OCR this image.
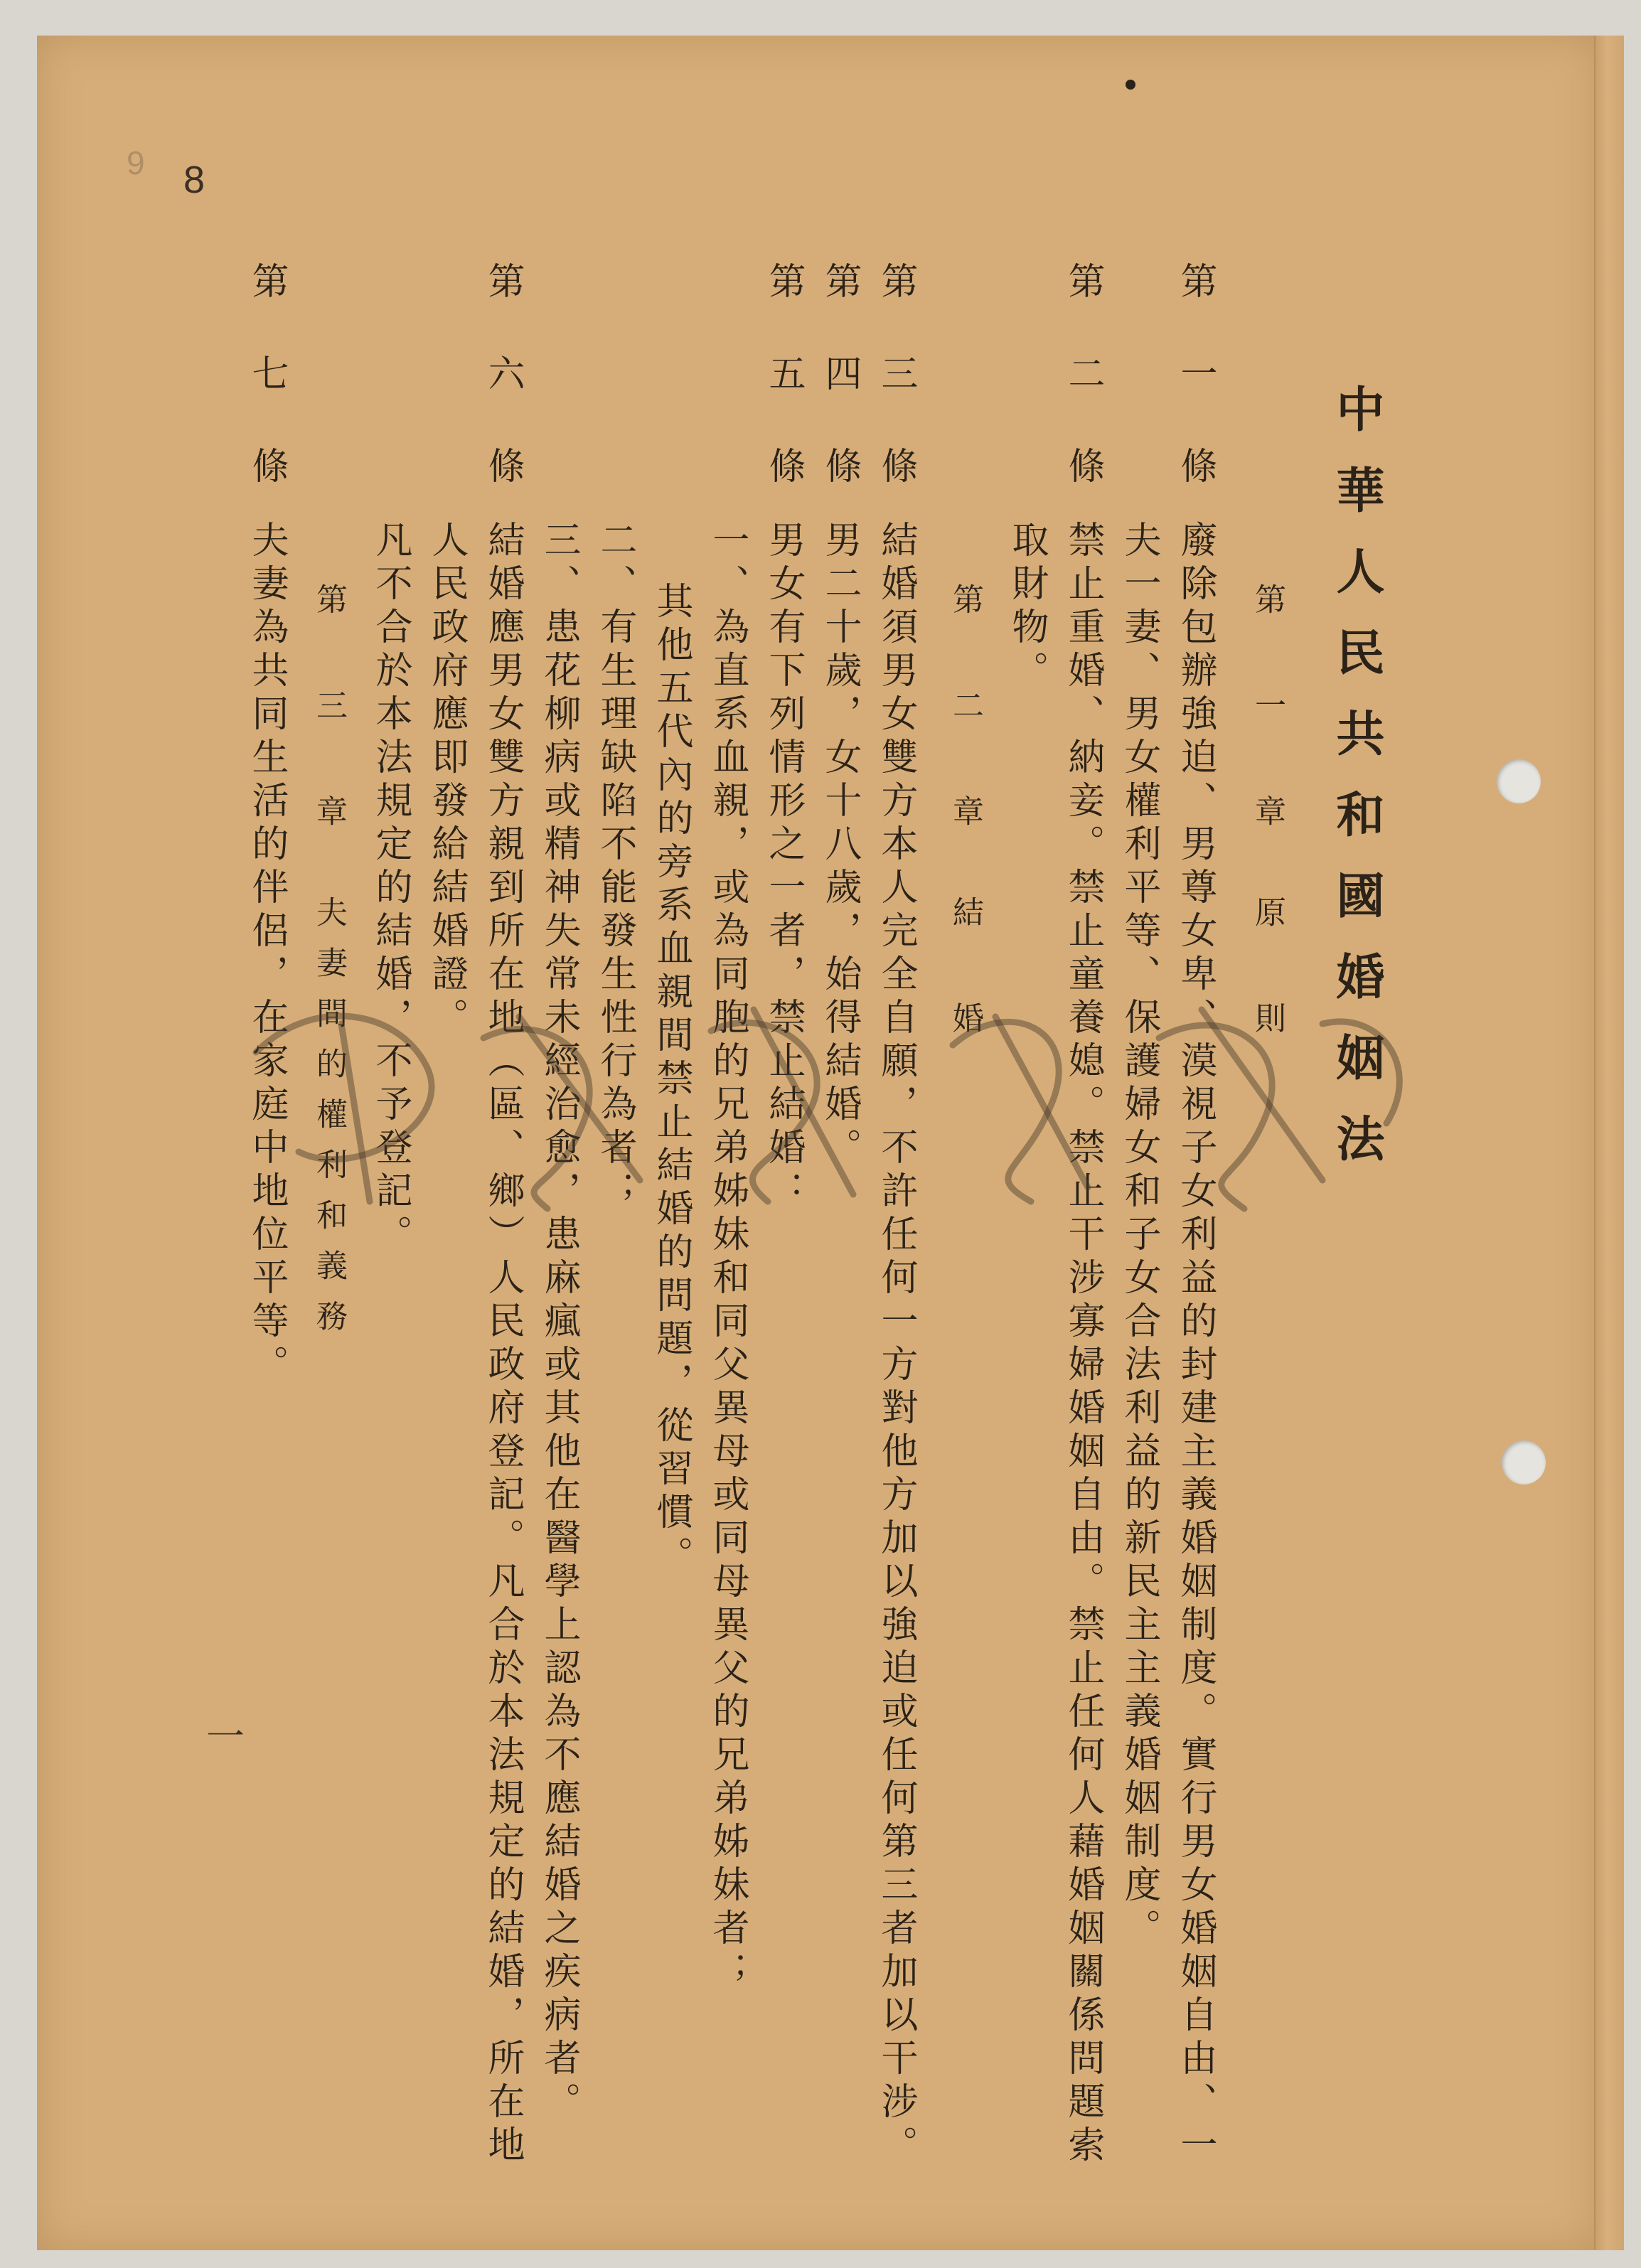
9 8
一
中華人民共和國婚姻法
第 一 章　原 則
第 一 條
廢除包辦強迫、男尊女卑、漠視子女利益的封建主義婚姻制度。實行男女婚姻自由、一
夫一妻、男女權利平等、保護婦女和子女合法利益的新民主主義婚姻制度。
第 二 條
禁止重婚、納妾。禁止童養媳。禁止干涉寡婦婚姻自由。禁止任何人藉婚姻關係問題索
取財物。
第 二 章　結 婚
第 三 條
結婚須男女雙方本人完全自願，不許任何一方對他方加以強迫或任何第三者加以干涉。
第 四 條
男二十歲，女十八歲，始得結婚。
第 五 條
男女有下列情形之一者，禁止結婚：
一、為直系血親，或為同胞的兄弟姊妹和同父異母或同母異父的兄弟姊妹者；
其他五代內的旁系血親間禁止結婚的問題，從習慣。
二、有生理缺陷不能發生性行為者；
三、患花柳病或精神失常未經治愈，患麻瘋或其他在醫學上認為不應結婚之疾病者。
第 六 條
結婚應男女雙方親到所在地（區、鄉）人民政府登記。凡合於本法規定的結婚，所在地
人民政府應即發給結婚證。
凡不合於本法規定的結婚，不予登記。
第 三 章　夫妻間的權利和義務
第 七 條
夫妻為共同生活的伴侶，在家庭中地位平等。
